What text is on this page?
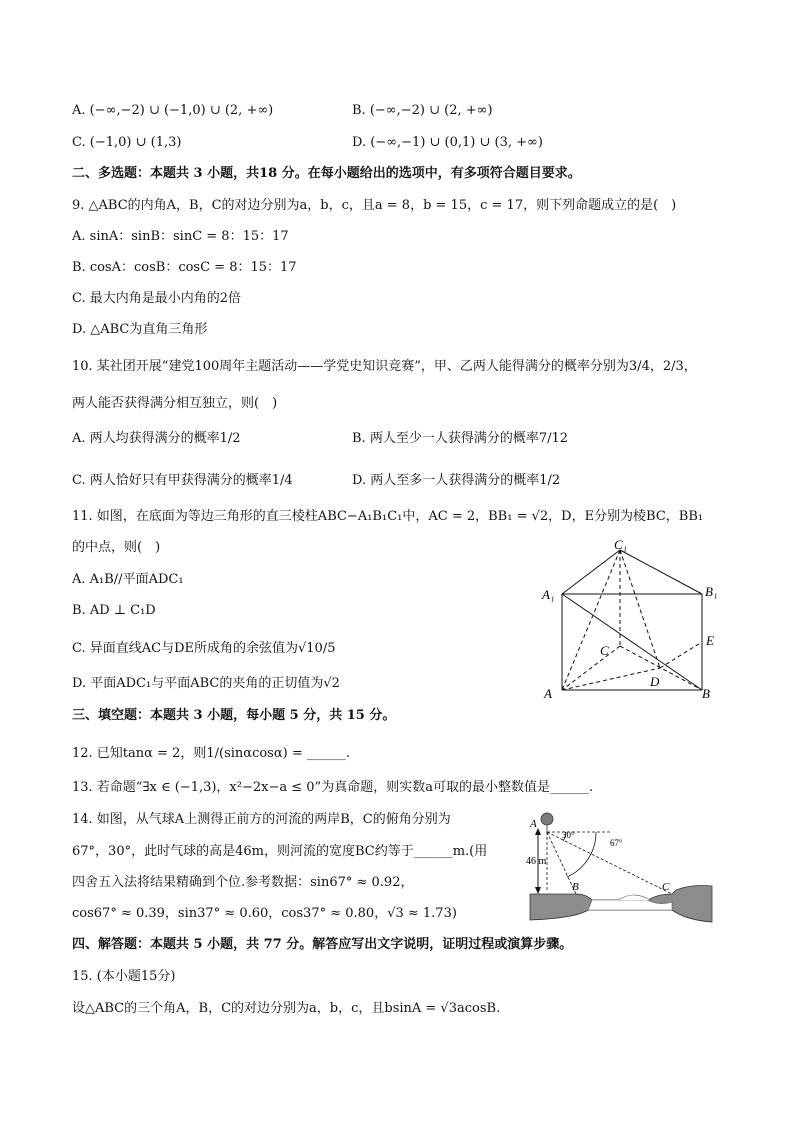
A. (−∞,−2) ∪ (−1,0) ∪ (2, +∞)	B. (−∞,−2) ∪ (2, +∞)
C. (−1,0) ∪ (1,3)	D. (−∞,−1) ∪ (0,1) ∪ (3, +∞)
二、多选题：本题共 3 小题，共18 分。在每小题给出的选项中，有多项符合题目要求。
9. △ABC的内角A，B，C的对边分别为a，b，c，且a = 8，b = 15，c = 17，则下列命题成立的是(　)
A. sinA：sinB：sinC = 8：15：17
B. cosA：cosB：cosC = 8：15：17
C. 最大内角是最小内角的2倍
D. △ABC为直角三角形
10. 某社团开展“建党100周年主题活动——学党史知识竞赛”，甲、乙两人能得满分的概率分别为3/4，2/3，
两人能否获得满分相互独立，则(　)
A. 两人均获得满分的概率1/2	B. 两人至少一人获得满分的概率7/12
C. 两人恰好只有甲获得满分的概率1/4	D. 两人至多一人获得满分的概率1/2
11. 如图，在底面为等边三角形的直三棱柱ABC−A₁B₁C₁中，AC = 2，BB₁ = √2，D，E分别为棱BC，BB₁
的中点，则(　)
A. A₁B//平面ADC₁
B. AD ⊥ C₁D
C. 异面直线AC与DE所成角的余弦值为√10/5
D. 平面ADC₁与平面ABC的夹角的正切值为√2
C₁
A₁	B₁
E
C
D
A	B
三、填空题：本题共 3 小题，每小题 5 分，共 15 分。
12. 已知tanα = 2，则1/(sinαcosα) = ______.
13. 若命题“∃x ∈ (−1,3)，x²−2x−a ≤ 0”为真命题，则实数a可取的最小整数值是______.
14. 如图，从气球A上测得正前方的河流的两岸B，C的俯角分别为
67°，30°，此时气球的高是46m，则河流的宽度BC约等于______m.(用
四舍五入法将结果精确到个位.参考数据：sin67° ≈ 0.92，
cos67° ≈ 0.39，sin37° ≈ 0.60，cos37° ≈ 0.80，√3 ≈ 1.73)
A
30°
67°
46 m
B	C
四、解答题：本题共 5 小题，共 77 分。解答应写出文字说明，证明过程或演算步骤。
15. (本小题15分)
设△ABC的三个角A，B，C的对边分别为a，b，c，且bsinA = √3acosB.
